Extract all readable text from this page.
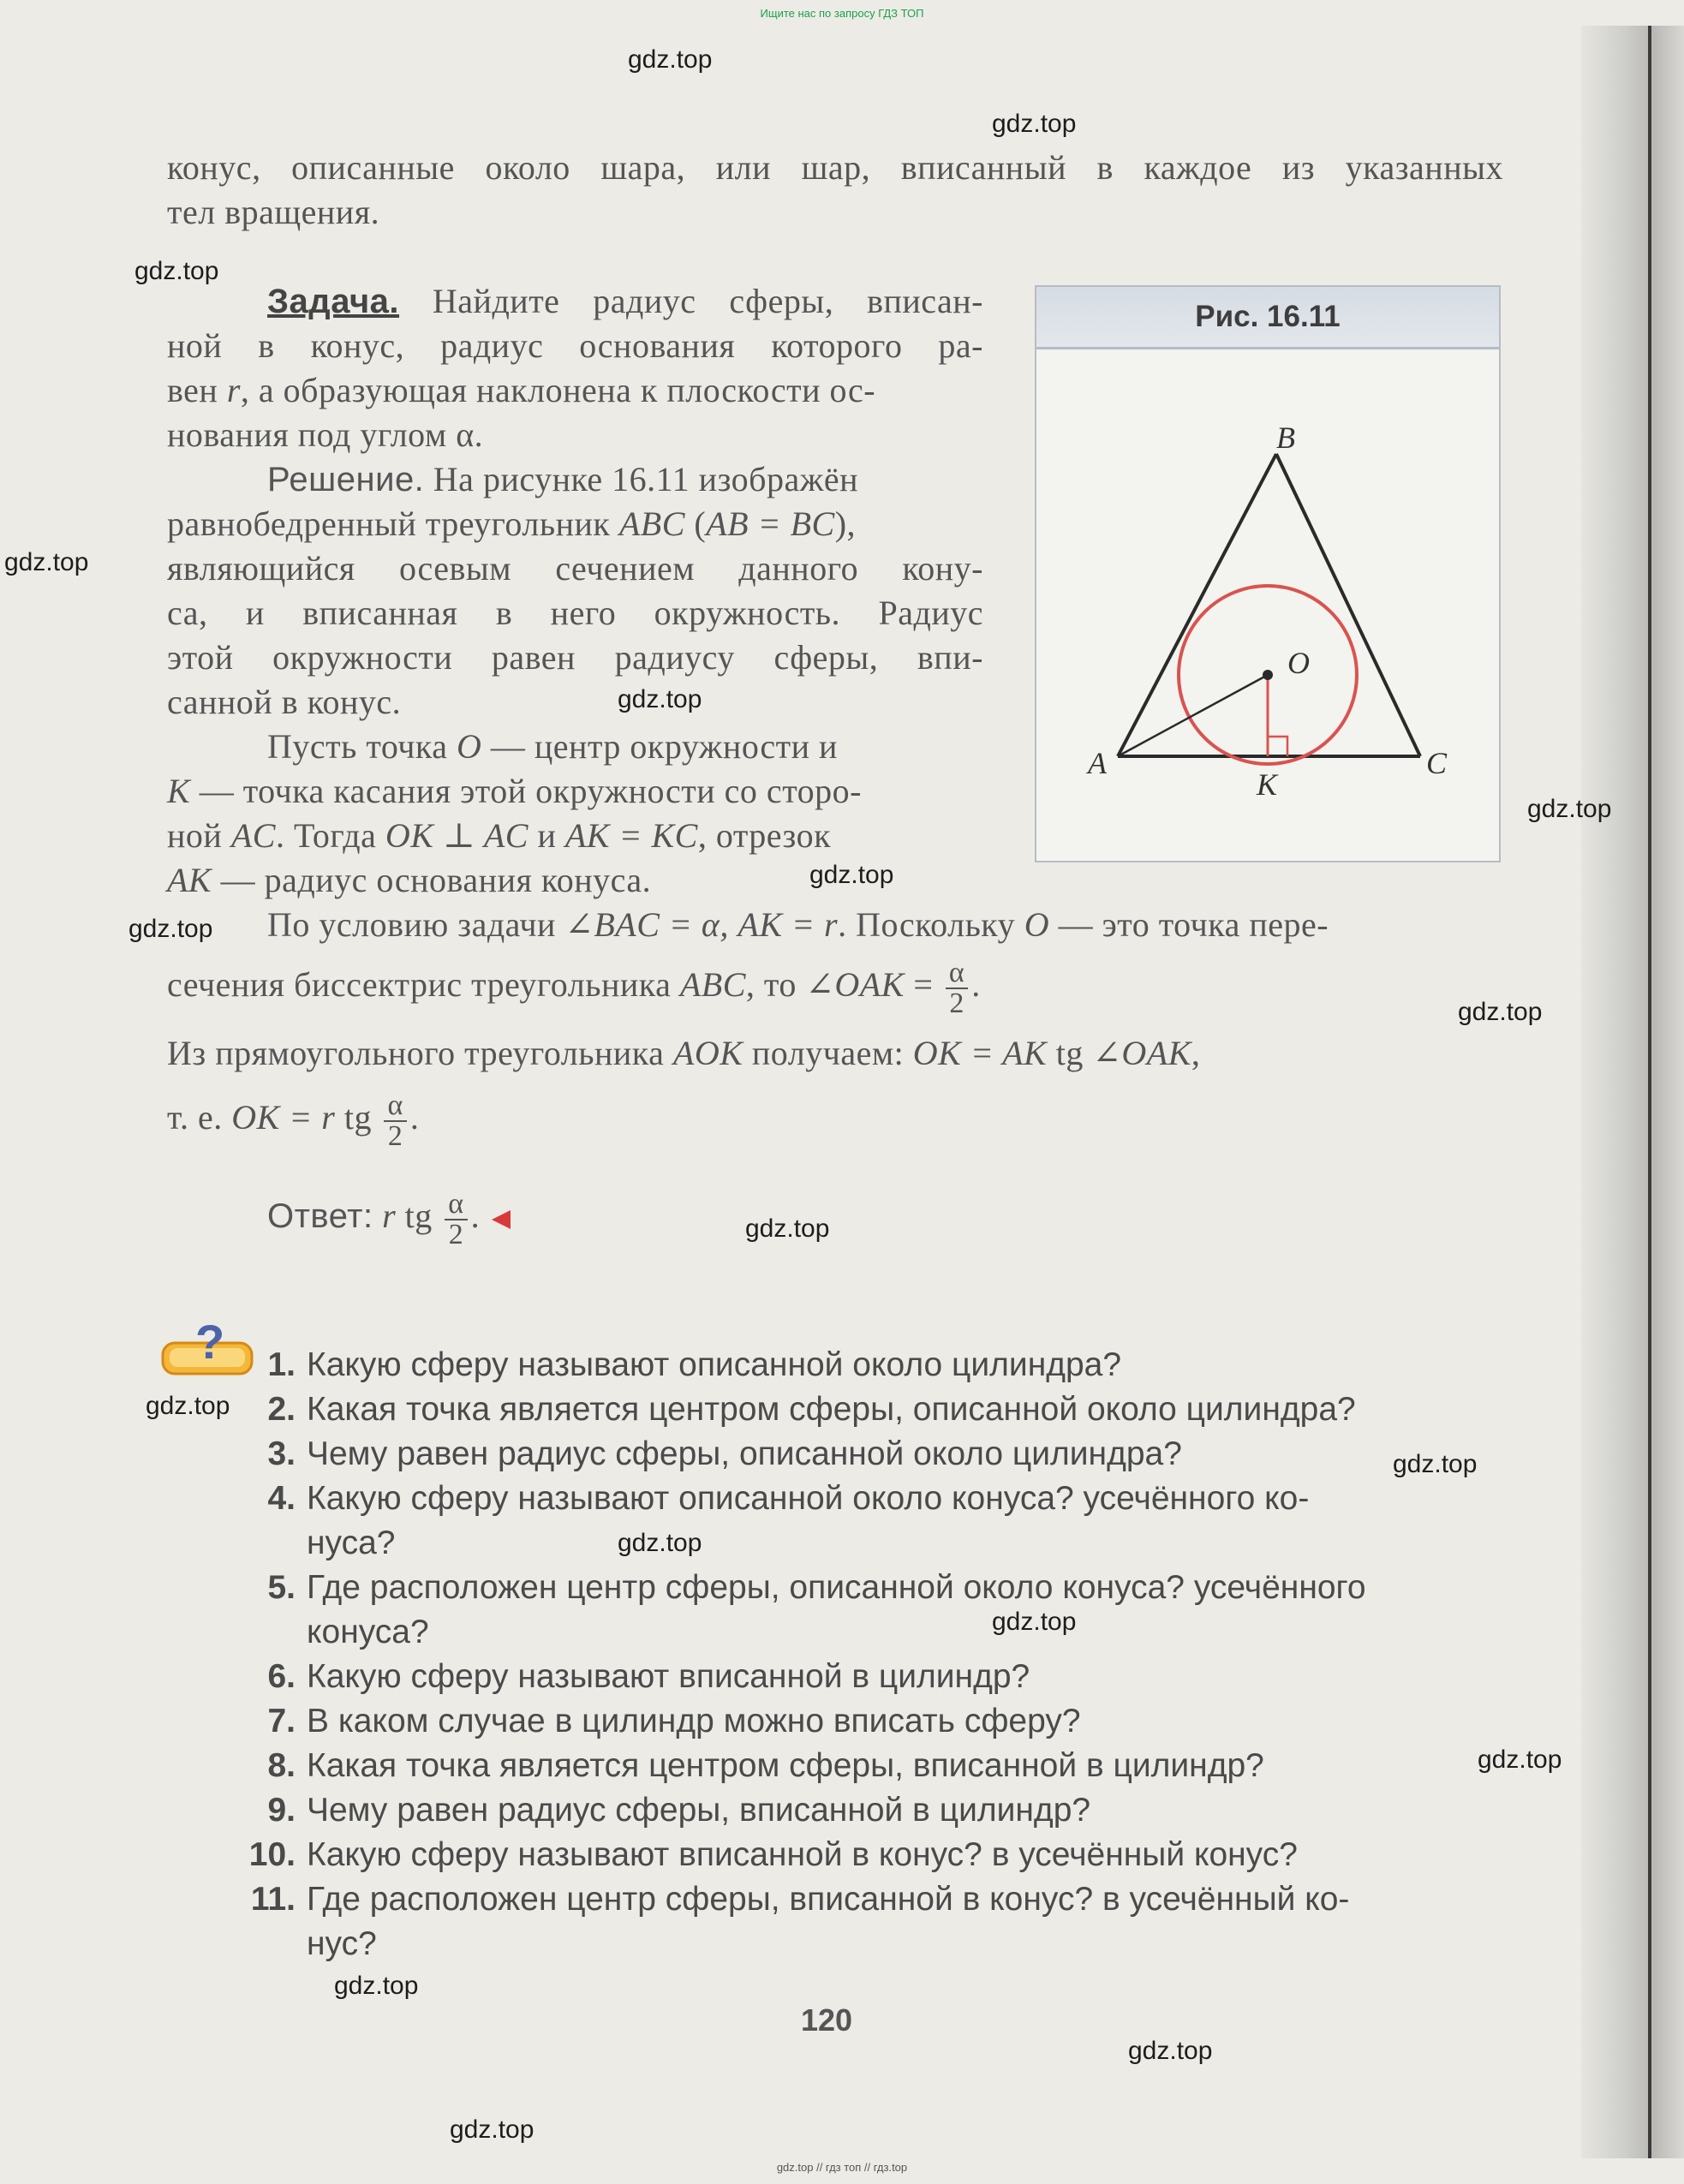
Ищите нас по запросу ГДЗ ТОП
gdz.top
gdz.top
gdz.top
gdz.top
gdz.top
gdz.top
gdz.top
gdz.top
gdz.top
gdz.top
gdz.top
gdz.top
gdz.top
gdz.top
gdz.top
gdz.top
gdz.top
gdz.top
конус, описанные около шара, или шар, вписанный в каждое из указанных
тел вращения.
Задача. Найдите радиус сферы, вписан-
ной в конус, радиус основания которого ра-
вен r, а образующая наклонена к плоскости ос-
нования под углом α.
Решение. На рисунке 16.11 изображён
равнобедренный треугольник ABC (AB = BC),
являющийся осевым сечением данного кону-
са, и вписанная в него окружность. Радиус
этой окружности равен радиусу сферы, впи-
санной в конус.
Пусть точка O — центр окружности и
K — точка касания этой окружности со сторо-
ной AC. Тогда OK ⊥ AC и AK = KC, отрезок
AK — радиус основания конуса.
По условию задачи ∠BAC = α, AK = r. Поскольку O — это точка пере-
сечения биссектрис треугольника ABC, то ∠OAK = $\frac{\alpha}{2}$ .
Из прямоугольного треугольника AOK получаем: OK = AK tg ∠OAK,
т. е. OK = r tg $\frac{\alpha}{2}$ .
Ответ: r tg $\frac{\alpha}{2}$ .
Рис. 16.11
B
A	C
O
K
?	1. Какую сферу называют описанной около цилиндра?
2. Какая точка является центром сферы, описанной около цилиндра?
3. Чему равен радиус сферы, описанной около цилиндра?
4. Какую сферу называют описанной около конуса? усечённого ко-
нуса?
5. Где расположен центр сферы, описанной около конуса? усечённого
конуса?
6. Какую сферу называют вписанной в цилиндр?
7. В каком случае в цилиндр можно вписать сферу?
8. Какая точка является центром сферы, вписанной в цилиндр?
9. Чему равен радиус сферы, вписанной в цилиндр?
10. Какую сферу называют вписанной в конус? в усечённый конус?
11. Где расположен центр сферы, вписанной в конус? в усечённый ко-
нус?
120
gdz.top // гдз топ // гдз.top
